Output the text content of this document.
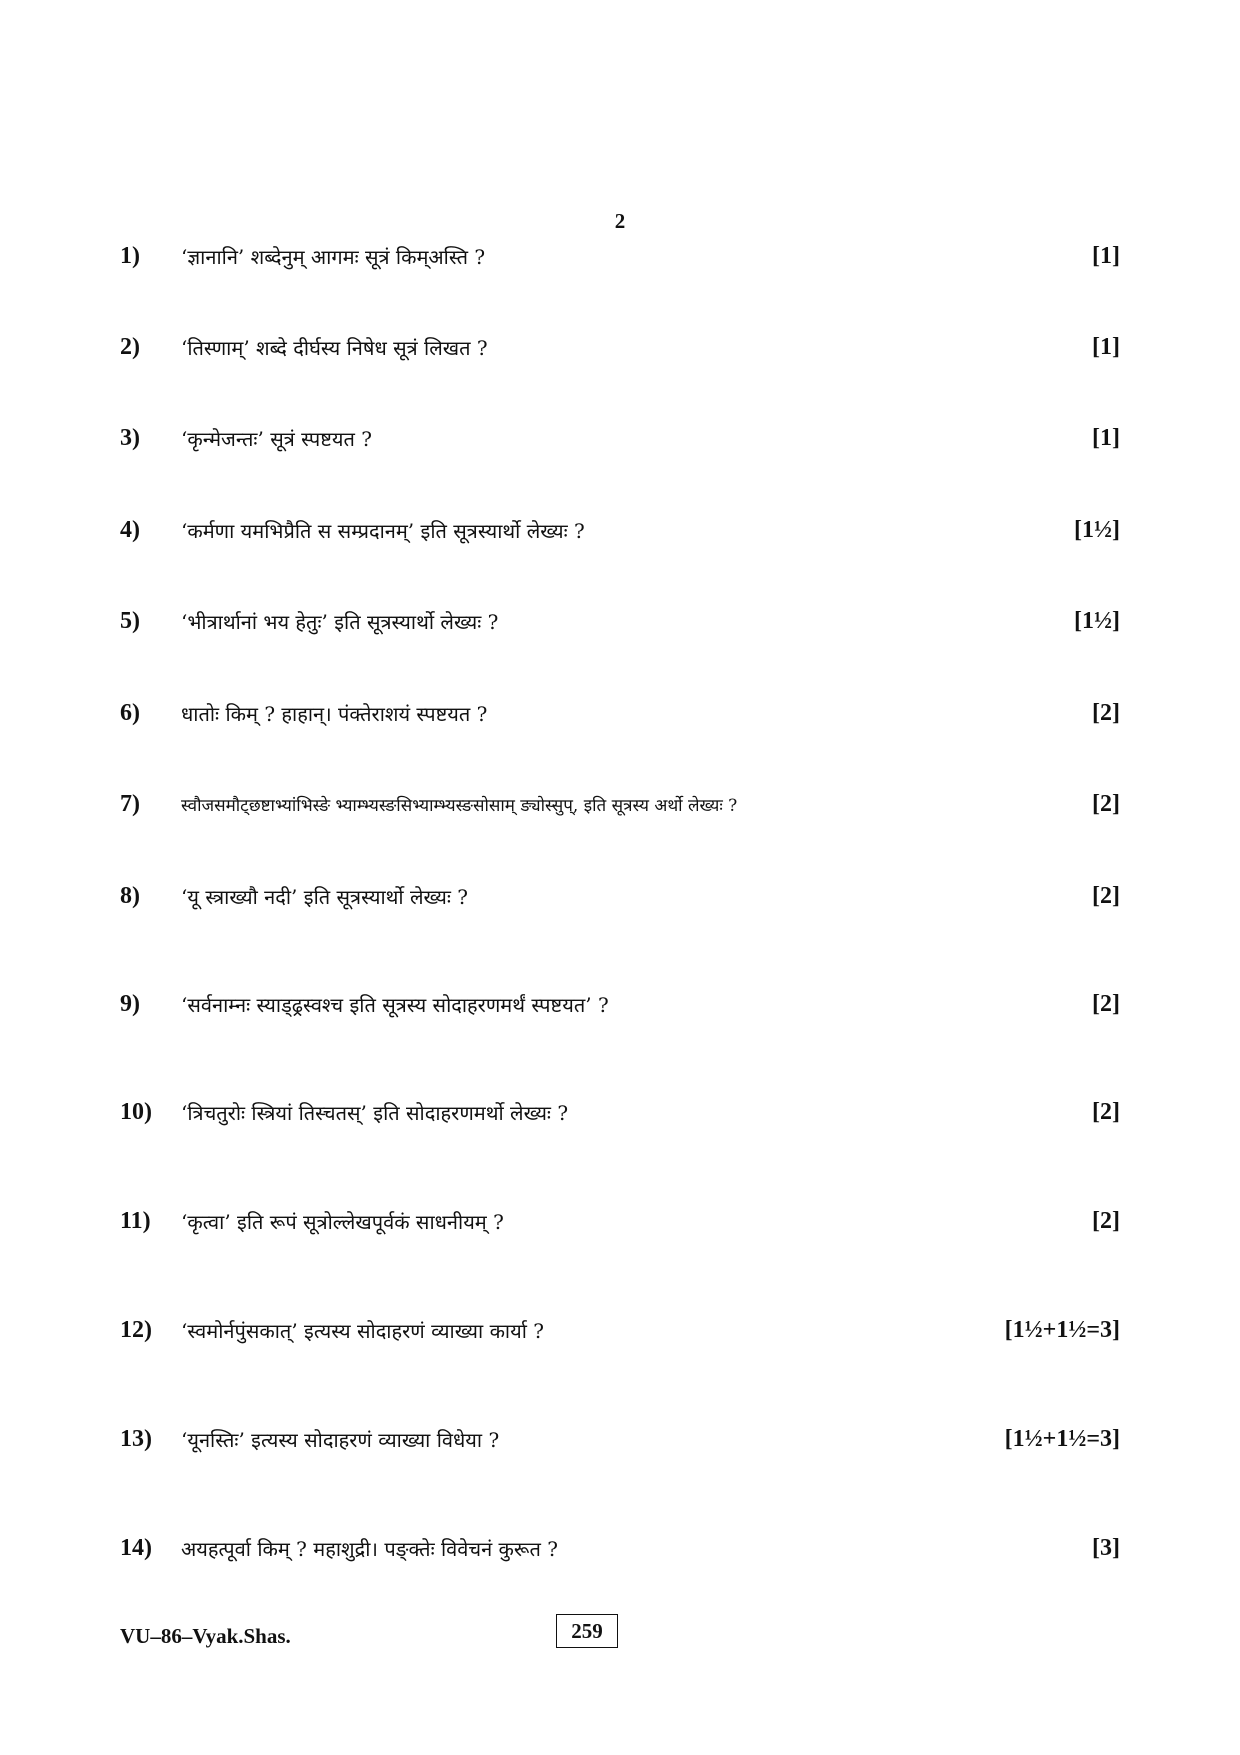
2
1)	‘ज्ञानानि’ शब्देनुम् आगमः सूत्रं किम्अस्ति ?	[1]
2)	‘तिस्णाम्’ शब्दे दीर्घस्य निषेध सूत्रं लिखत ?	[1]
3)	‘कृन्मेजन्तः’ सूत्रं स्पष्टयत ?	[1]
4)	‘कर्मणा यमभिप्रैति स सम्प्रदानम्’ इति सूत्रस्यार्थो लेख्यः ?	[1½]
5)	‘भीत्रार्थानां भय हेतुः’ इति सूत्रस्यार्थो लेख्यः ?	[1½]
6)	धातोः किम् ? हाहान्। पंक्तेराशयं स्पष्टयत ?	[2]
7)	स्वौजसमौट्छष्टाभ्यांभिस्ङे भ्याम्भ्यस्ङसिभ्याम्भ्यस्ङसोसाम् ङ्योस्सुप्, इति सूत्रस्य अर्थो लेख्यः ?	[2]
8)	‘यू स्त्राख्यौ नदी’ इति सूत्रस्यार्थो लेख्यः ?	[2]
9)	‘सर्वनाम्नः स्याड्ढ्रस्वश्च इति सूत्रस्य सोदाहरणमर्थं स्पष्टयत’ ?	[2]
10)	‘त्रिचतुरोः स्त्रियां तिस्चतस्’ इति सोदाहरणमर्थो लेख्यः ?	[2]
11)	‘कृत्वा’ इति रूपं सूत्रोल्लेखपूर्वकं साधनीयम् ?	[2]
12)	‘स्वमोर्नपुंसकात्’ इत्यस्य सोदाहरणं व्याख्या कार्या ?	[1½+1½=3]
13)	‘यूनस्तिः’ इत्यस्य सोदाहरणं व्याख्या विधेया ?	[1½+1½=3]
14)	अयहत्पूर्वा किम् ? महाशुद्री। पङ्क्तेः विवेचनं कुरूत ?	[3]
VU–86–Vyak.Shas.	259
